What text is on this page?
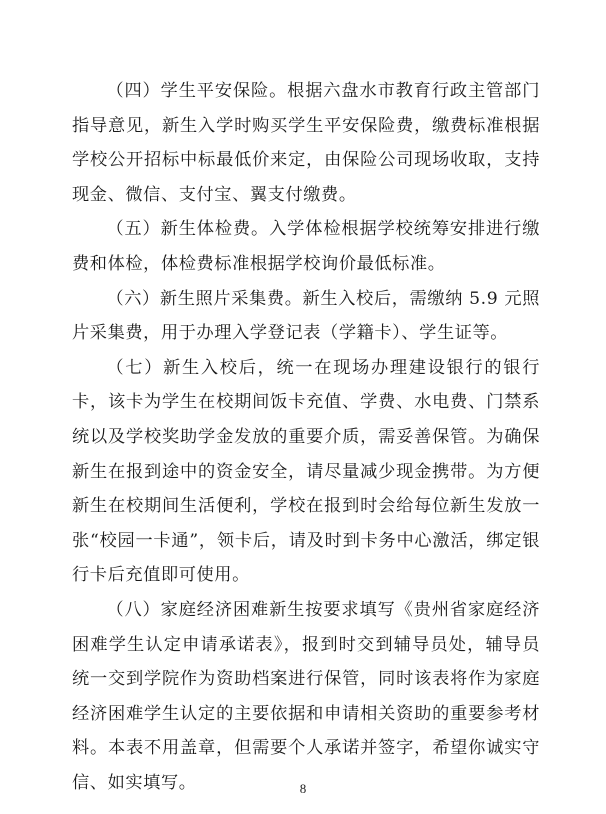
（四）学生平安保险。根据六盘水市教育行政主管部门指导意见，新生入学时购买学生平安保险费，缴费标准根据学校公开招标中标最低价来定，由保险公司现场收取，支持现金、微信、支付宝、翼支付缴费。

（五）新生体检费。入学体检根据学校统筹安排进行缴费和体检，体检费标准根据学校询价最低标准。

（六）新生照片采集费。新生入校后，需缴纳 5.9 元照片采集费，用于办理入学登记表（学籍卡）、学生证等。

（七）新生入校后，统一在现场办理建设银行的银行卡，该卡为学生在校期间饭卡充值、学费、水电费、门禁系统以及学校奖助学金发放的重要介质，需妥善保管。为确保新生在报到途中的资金安全，请尽量减少现金携带。为方便新生在校期间生活便利，学校在报到时会给每位新生发放一张“校园一卡通”，领卡后，请及时到卡务中心激活，绑定银行卡后充值即可使用。

（八）家庭经济困难新生按要求填写《贵州省家庭经济困难学生认定申请承诺表》，报到时交到辅导员处，辅导员统一交到学院作为资助档案进行保管，同时该表将作为家庭经济困难学生认定的主要依据和申请相关资助的重要参考材料。本表不用盖章，但需要个人承诺并签字，希望你诚实守信、如实填写。	8
